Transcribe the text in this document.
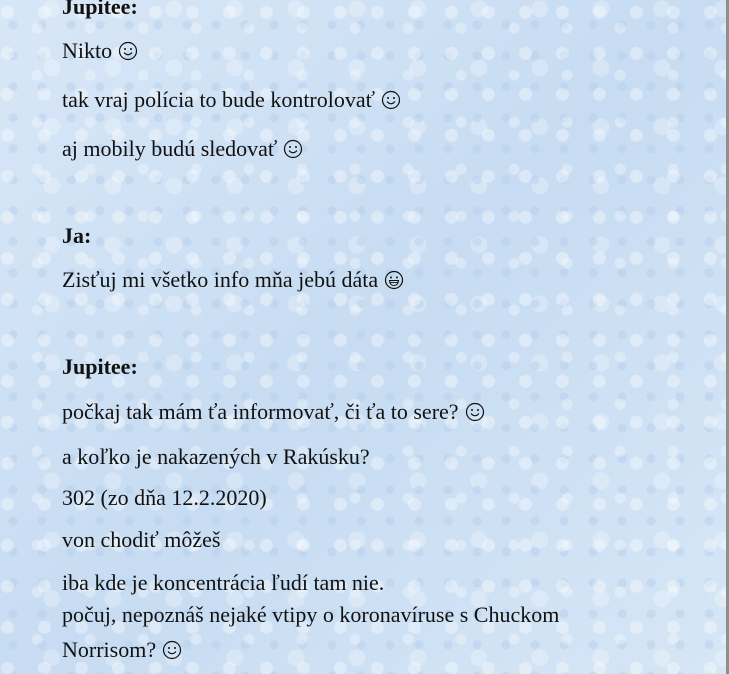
Jupitee:
Nikto
tak vraj polícia to bude kontrolovať
aj mobily budú sledovať
Ja:
Zisťuj mi všetko info mňa jebú dáta
Jupitee:
počkaj tak mám ťa informovať, či ťa to sere?
a koľko je nakazených v Rakúsku?
302 (zo dňa 12.2.2020)
von chodiť môžeš
iba kde je koncentrácia ľudí tam nie.
počuj, nepoznáš nejaké vtipy o koronavíruse s Chuckom
Norrisom?
